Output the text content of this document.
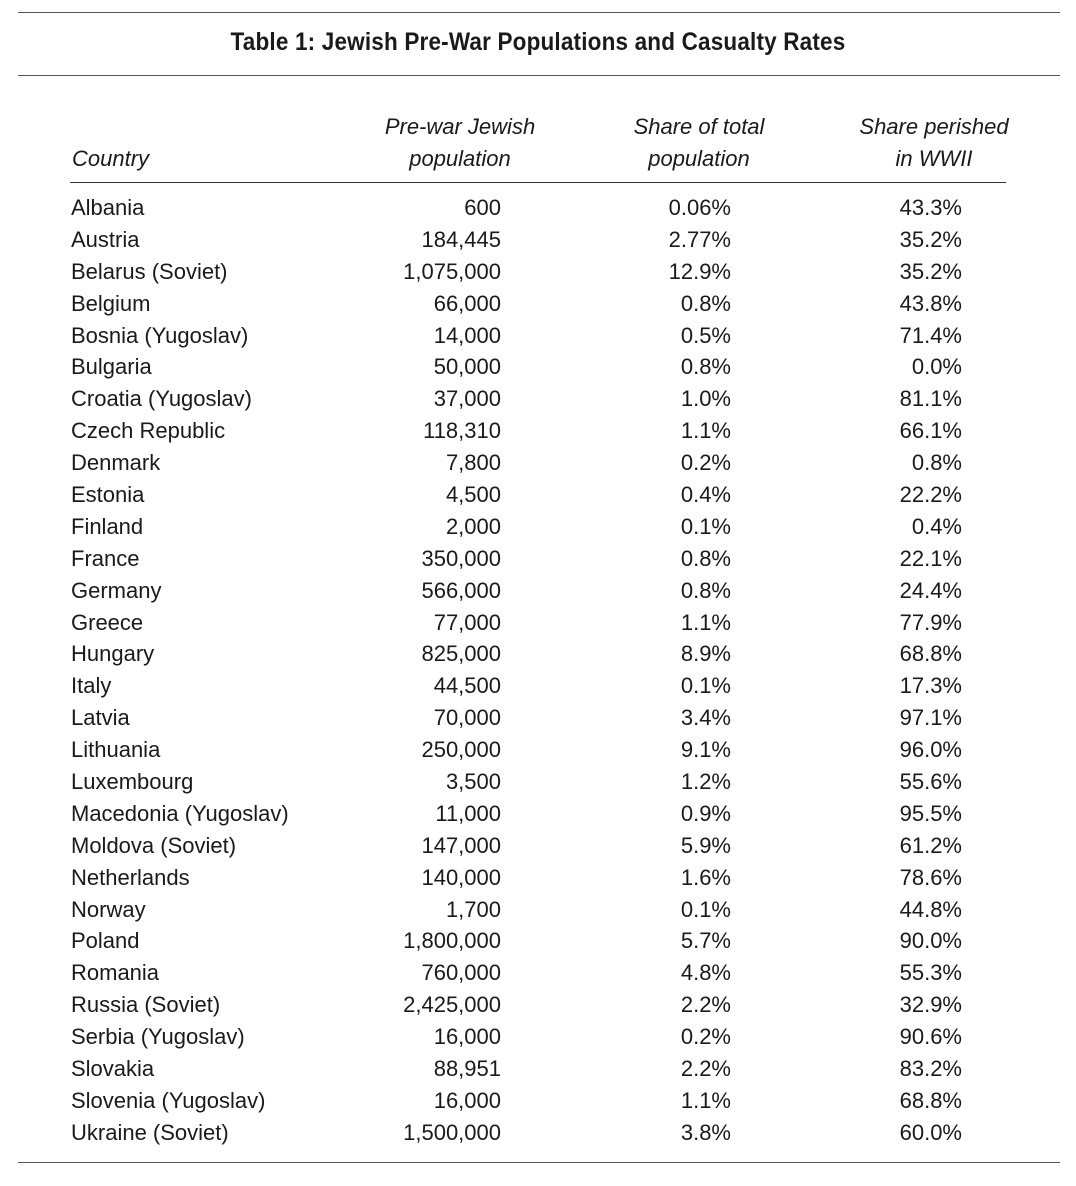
Table 1: Jewish Pre-War Populations and Casualty Rates
Country
Pre-war Jewish
population
Share of total
population
Share perished
in WWII
Albania	600	0.06%	43.3%
Austria	184,445	2.77%	35.2%
Belarus (Soviet)	1,075,000	12.9%	35.2%
Belgium	66,000	0.8%	43.8%
Bosnia (Yugoslav)	14,000	0.5%	71.4%
Bulgaria	50,000	0.8%	0.0%
Croatia (Yugoslav)	37,000	1.0%	81.1%
Czech Republic	118,310	1.1%	66.1%
Denmark	7,800	0.2%	0.8%
Estonia	4,500	0.4%	22.2%
Finland	2,000	0.1%	0.4%
France	350,000	0.8%	22.1%
Germany	566,000	0.8%	24.4%
Greece	77,000	1.1%	77.9%
Hungary	825,000	8.9%	68.8%
Italy	44,500	0.1%	17.3%
Latvia	70,000	3.4%	97.1%
Lithuania	250,000	9.1%	96.0%
Luxembourg	3,500	1.2%	55.6%
Macedonia (Yugoslav)	11,000	0.9%	95.5%
Moldova (Soviet)	147,000	5.9%	61.2%
Netherlands	140,000	1.6%	78.6%
Norway	1,700	0.1%	44.8%
Poland	1,800,000	5.7%	90.0%
Romania	760,000	4.8%	55.3%
Russia (Soviet)	2,425,000	2.2%	32.9%
Serbia (Yugoslav)	16,000	0.2%	90.6%
Slovakia	88,951	2.2%	83.2%
Slovenia (Yugoslav)	16,000	1.1%	68.8%
Ukraine (Soviet)	1,500,000	3.8%	60.0%
